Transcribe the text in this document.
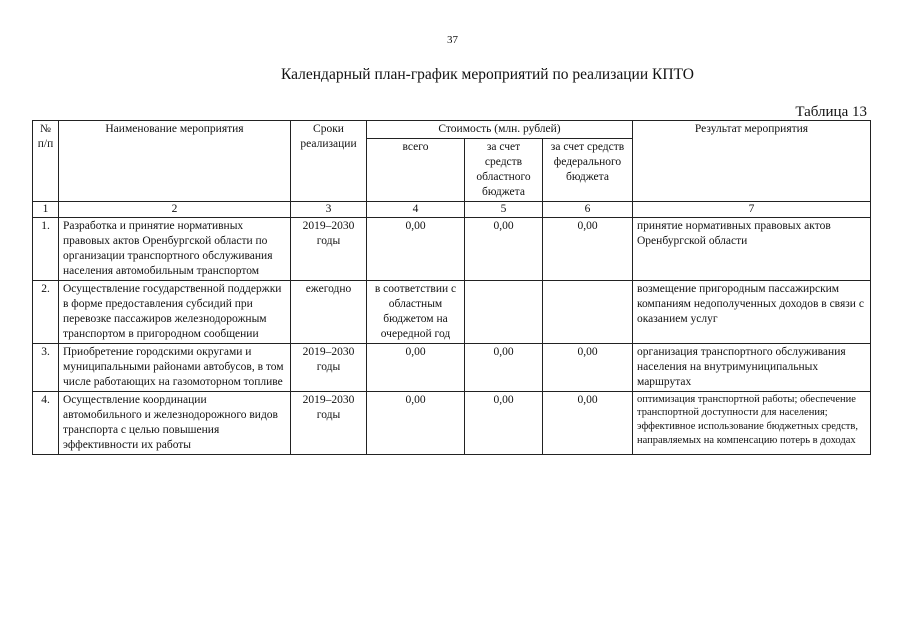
37
Календарный план-график мероприятий по реализации КПТО
Таблица 13
№ п/п	Наименование мероприятия	Сроки реализации	Стоимость (млн. рублей)			Результат мероприятия
			всего	за счет средств областного бюджета	за счет средств федерального бюджета	
1	2	3	4	5	6	7
1.	Разработка и принятие нормативных правовых актов Оренбургской области по организации транспортного обслуживания населения автомобильным транспортом	2019–2030 годы	0,00	0,00	0,00	принятие нормативных правовых актов Оренбургской области
2.	Осуществление государственной поддержки в форме предоставления субсидий при перевозке пассажиров железнодорожным транспортом в пригородном сообщении	ежегодно	в соответствии с областным бюджетом на очередной год			возмещение пригородным пассажирским компаниям недополученных доходов в связи с оказанием услуг
3.	Приобретение городскими округами и муниципальными районами автобусов, в том числе работающих на газомоторном топливе	2019–2030 годы	0,00	0,00	0,00	организация транспортного обслуживания населения на внутримуниципальных маршрутах
4.	Осуществление координации автомобильного и железнодорожного видов транспорта с целью повышения эффективности их работы	2019–2030 годы	0,00	0,00	0,00	оптимизация транспортной работы; обеспечение транспортной доступности для населения; эффективное использование бюджетных средств, направляемых на компенсацию потерь в доходах
